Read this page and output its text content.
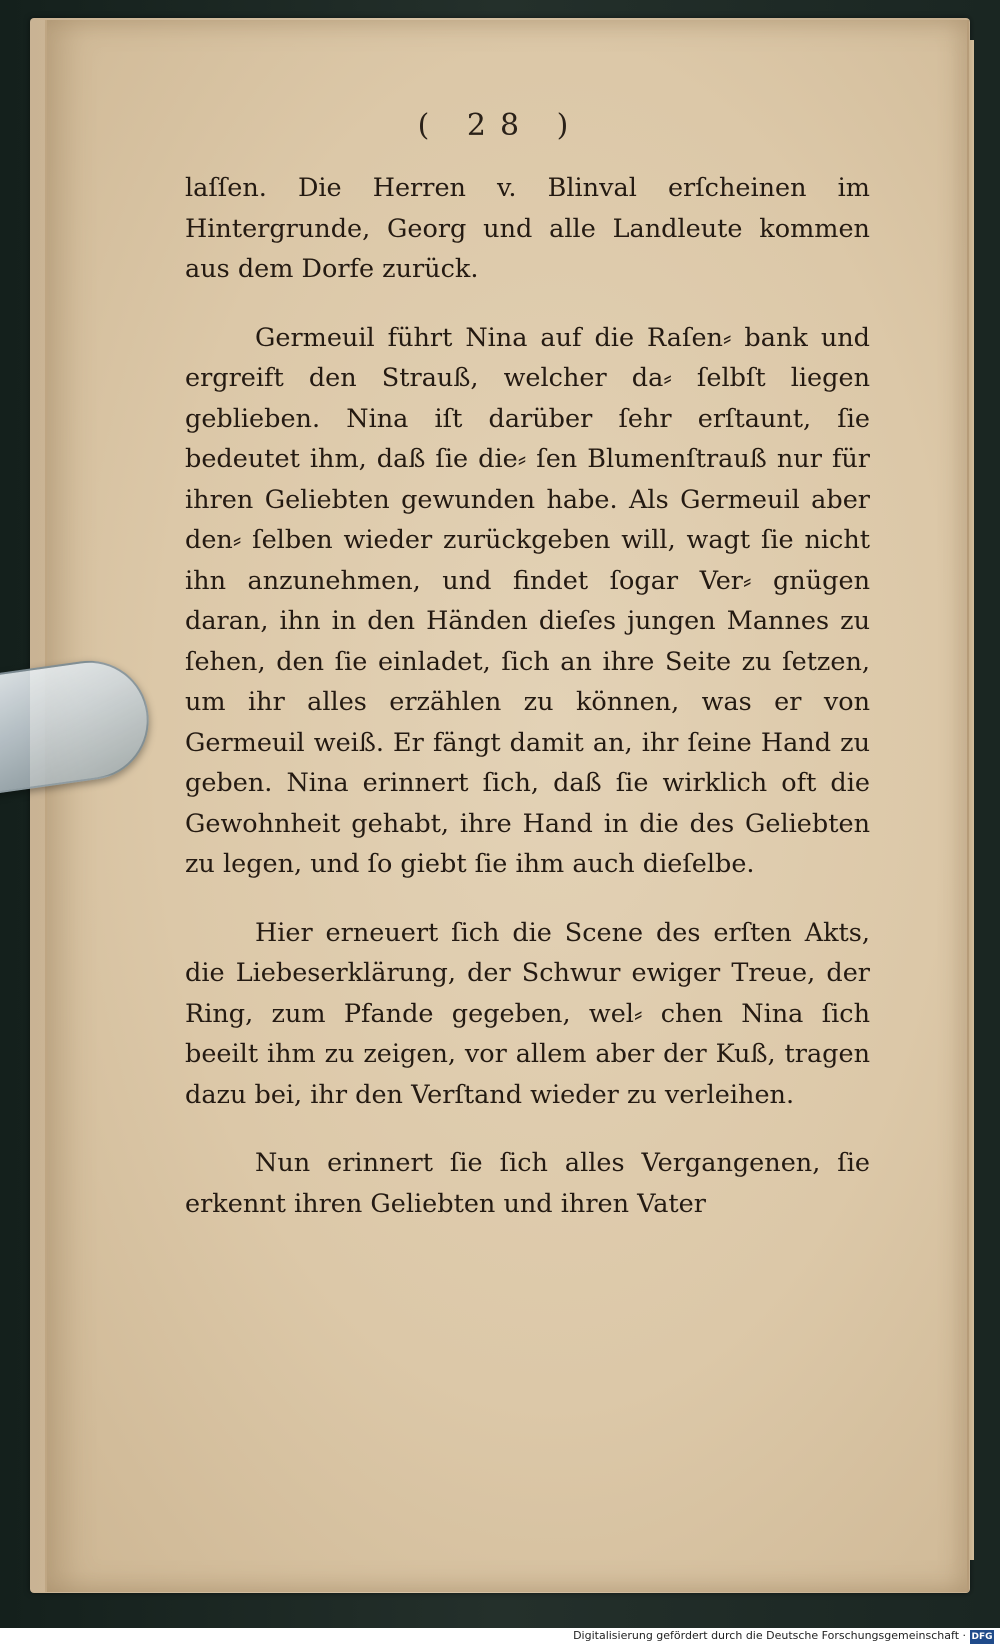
( 28 )

laſſen. Die Herren v. Blinval erſcheinen im Hintergrunde, Georg und alle Landleute kommen aus dem Dorfe zurück.

Germeuil führt Nina auf die Raſen⸗ bank und ergreift den Strauß, welcher da⸗ ſelbſt liegen geblieben. Nina iſt darüber ſehr erſtaunt, ſie bedeutet ihm, daß ſie die⸗ ſen Blumenſtrauß nur für ihren Geliebten gewunden habe. Als Germeuil aber den⸗ ſelben wieder zurückgeben will, wagt ſie nicht ihn anzunehmen, und findet ſogar Ver⸗ gnügen daran, ihn in den Händen dieſes jungen Mannes zu ſehen, den ſie einladet, ſich an ihre Seite zu ſetzen, um ihr alles erzählen zu können, was er von Germeuil weiß. Er fängt damit an, ihr ſeine Hand zu geben. Nina erinnert ſich, daß ſie wirklich oft die Gewohnheit gehabt, ihre Hand in die des Geliebten zu legen, und ſo giebt ſie ihm auch dieſelbe.

Hier erneuert ſich die Scene des erſten Akts, die Liebeserklärung, der Schwur ewiger Treue, der Ring, zum Pfande gegeben, wel⸗ chen Nina ſich beeilt ihm zu zeigen, vor allem aber der Kuß, tragen dazu bei, ihr den Verſtand wieder zu verleihen.

Nun erinnert ſie ſich alles Vergangenen, ſie erkennt ihren Geliebten und ihren Vater

Digitalisierung gefördert durch die Deutsche Forschungsgemeinschaft · DFG
